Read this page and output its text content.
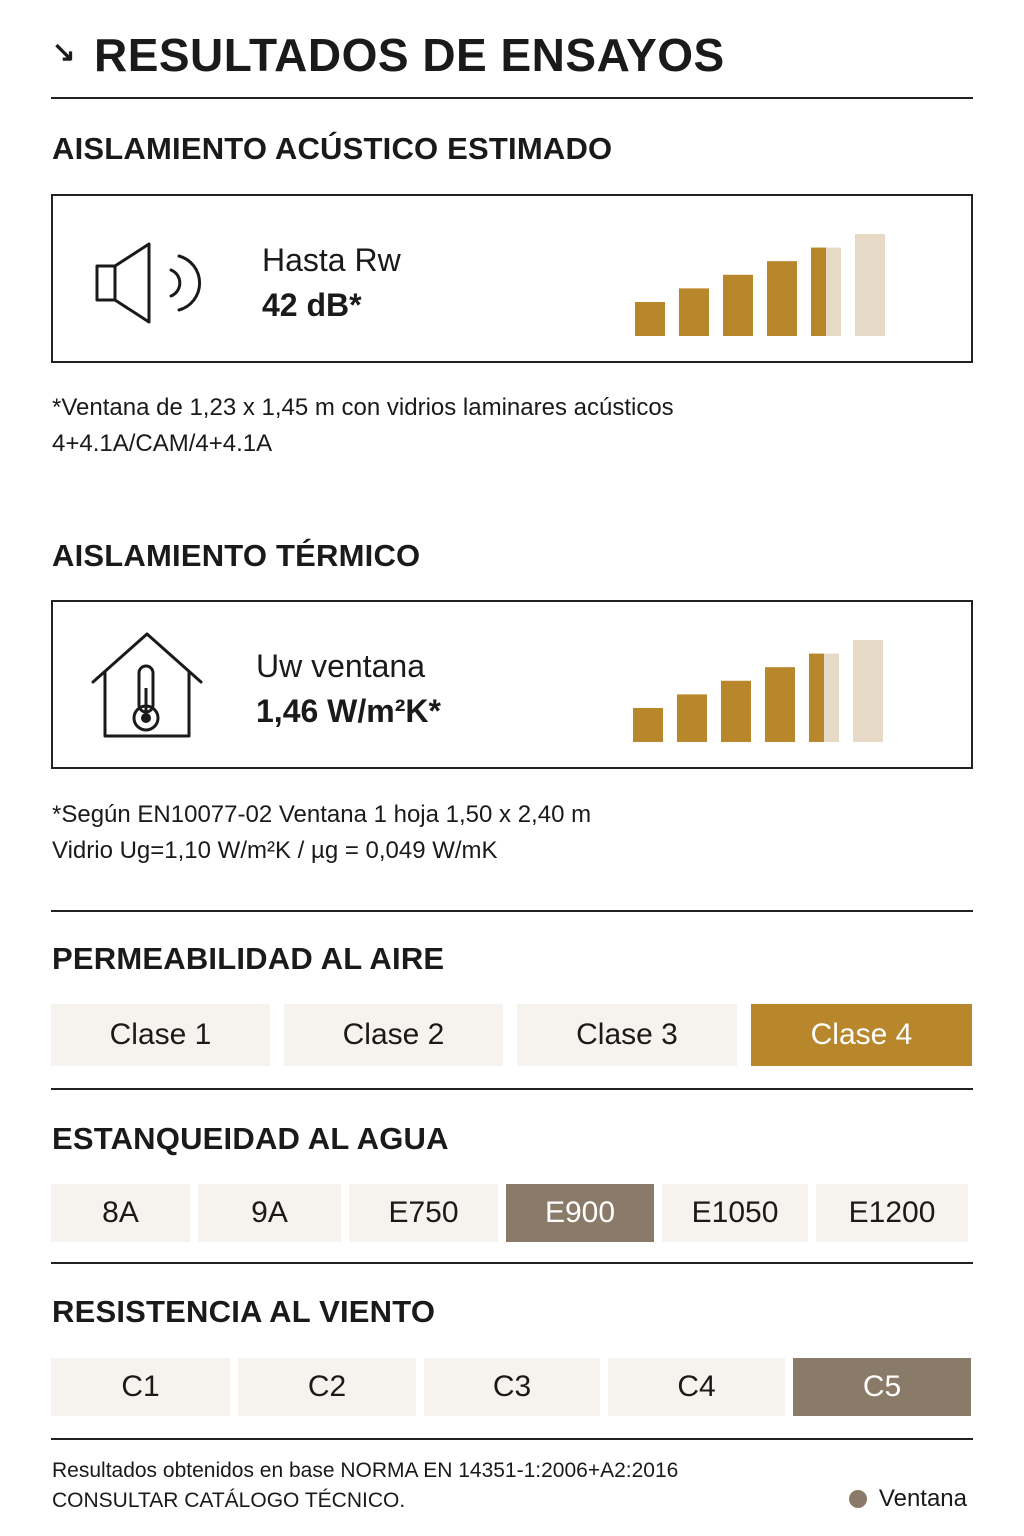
↘ RESULTADOS DE ENSAYOS
AISLAMIENTO ACÚSTICO ESTIMADO
Hasta Rw
42 dB*
*Ventana de 1,23 x 1,45 m con vidrios laminares acústicos
4+4.1A/CAM/4+4.1A
AISLAMIENTO TÉRMICO
Uw ventana
1,46 W/m²K*
*Según EN10077-02 Ventana 1 hoja 1,50 x 2,40 m
Vidrio Ug=1,10 W/m²K / µg = 0,049 W/mK
PERMEABILIDAD AL AIRE
Clase 1	Clase 2	Clase 3	Clase 4
ESTANQUEIDAD AL AGUA
8A	9A	E750	E900	E1050	E1200
RESISTENCIA AL VIENTO
C1	C2	C3	C4	C5
Resultados obtenidos en base NORMA EN 14351-1:2006+A2:2016
CONSULTAR CATÁLOGO TÉCNICO.	Ventana
